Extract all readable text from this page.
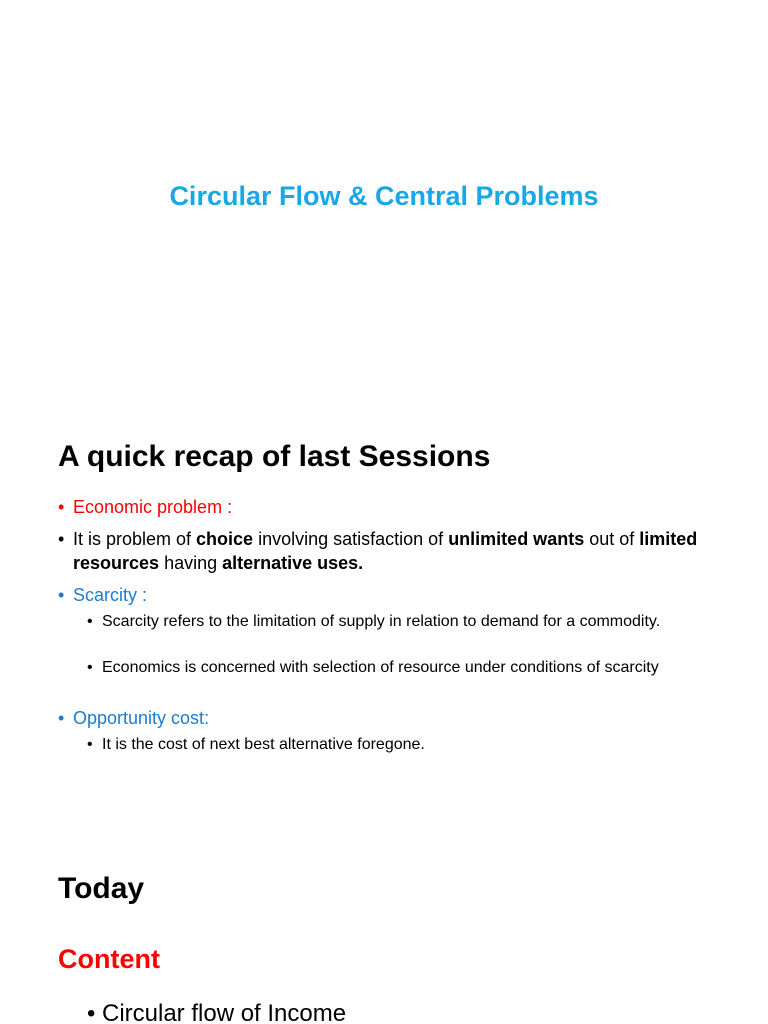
Circular Flow & Central Problems
A quick recap of last Sessions
• Economic problem :
• It is problem of choice involving satisfaction of unlimited wants out of limited resources having alternative uses.
• Scarcity :
• Scarcity refers to the limitation of supply in relation to demand for a commodity.
• Economics is concerned with selection of resource under conditions of scarcity
• Opportunity cost:
• It is the cost of next best alternative foregone.
Today
Content
• Circular flow of Income
